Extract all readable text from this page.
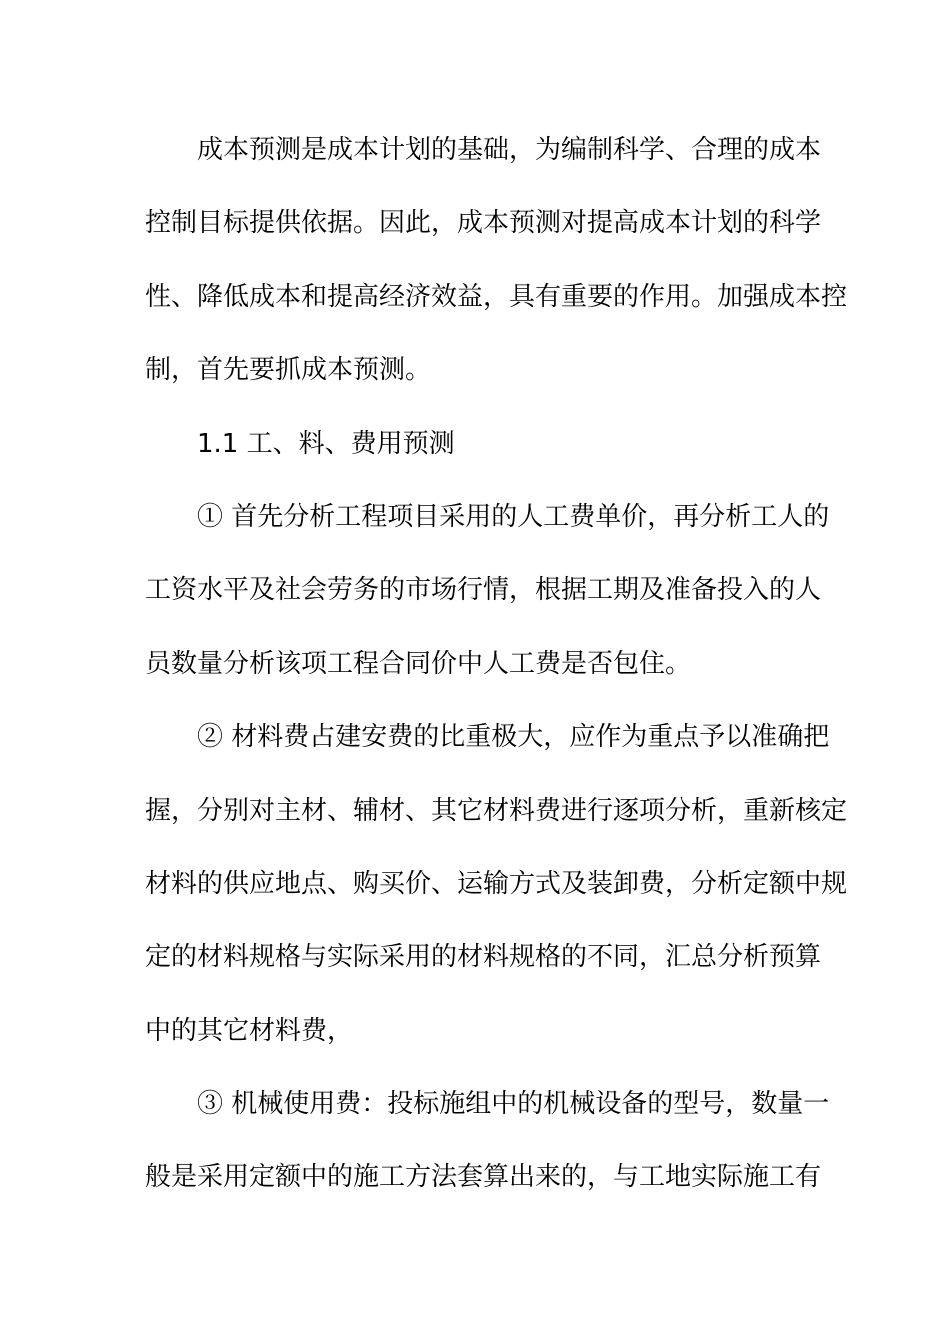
成本预测是成本计划的基础，为编制科学、合理的成本
控制目标提供依据。因此，成本预测对提高成本计划的科学
性、降低成本和提高经济效益，具有重要的作用。加强成本控
制，首先要抓成本预测。
1.1 工、料、费用预测
① 首先分析工程项目采用的人工费单价，再分析工人的
工资水平及社会劳务的市场行情，根据工期及准备投入的人
员数量分析该项工程合同价中人工费是否包住。
② 材料费占建安费的比重极大，应作为重点予以准确把
握，分别对主材、辅材、其它材料费进行逐项分析，重新核定
材料的供应地点、购买价、运输方式及装卸费，分析定额中规
定的材料规格与实际采用的材料规格的不同，汇总分析预算
中的其它材料费，
③ 机械使用费：投标施组中的机械设备的型号，数量一
般是采用定额中的施工方法套算出来的，与工地实际施工有
